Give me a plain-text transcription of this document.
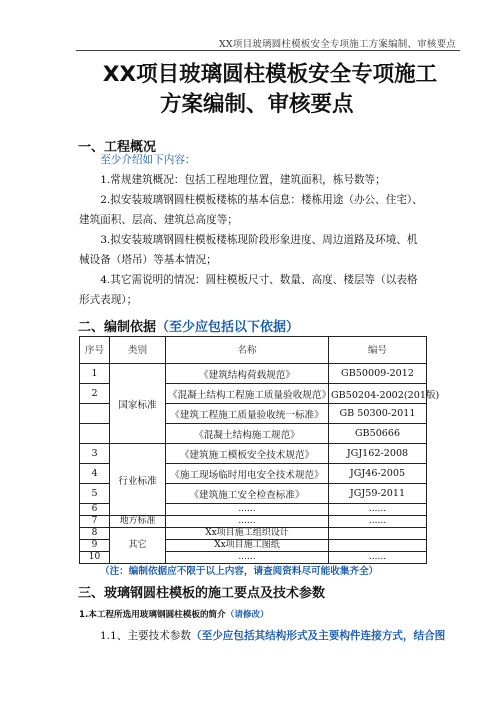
XX项目玻璃圆柱模板安全专项施工方案编制、审核要点
XX项目玻璃圆柱模板安全专项施工
方案编制、审核要点
一、工程概况

至少介绍如下内容：

1.常规建筑概况：包括工程地理位置，建筑面积，栋号数等；

2.拟安装玻璃钢圆柱模板楼栋的基本信息：楼栋用途（办公、住宅）、建筑面积、层高、建筑总高度等；

3.拟安装玻璃钢圆柱模板楼栋现阶段形象进度、周边道路及环境、机械设备（塔吊）等基本情况；

4.其它需说明的情况：圆柱模板尺寸、数量、高度、楼层等（以表格形式表现）；

二、编制依据（至少应包括以下依据）
序号	类别	名称	编号
1	国家标准	《建筑结构荷载规范》	GB50009-2012
2		《混凝土结构工程施工质量验收规范》	GB50204-2002(201版)
		《建筑工程施工质量验收统一标准》	GB 50300-2011
		《混凝土结构施工规范》	GB50666
3	行业标准	《建筑施工模板安全技术规范》	JGJ162-2008
4		《施工现场临时用电安全技术规范》	JGJ46-2005
5		《建筑施工安全检查标准》	JGJ59-2011
6		......	......
7	地方标准	......	......
8	其它	Xx项目施工组织设计	
9		Xx项目施工图纸	
10		......	......
（注：编制依据应不限于以上内容，请查阅资料尽可能收集齐全）
三、玻璃钢圆柱模板的施工要点及技术参数
1.本工程所选用玻璃钢圆柱模板的简介（请修改）
1.1、主要技术参数（至少应包括其结构形式及主要构件连接方式，结合图
